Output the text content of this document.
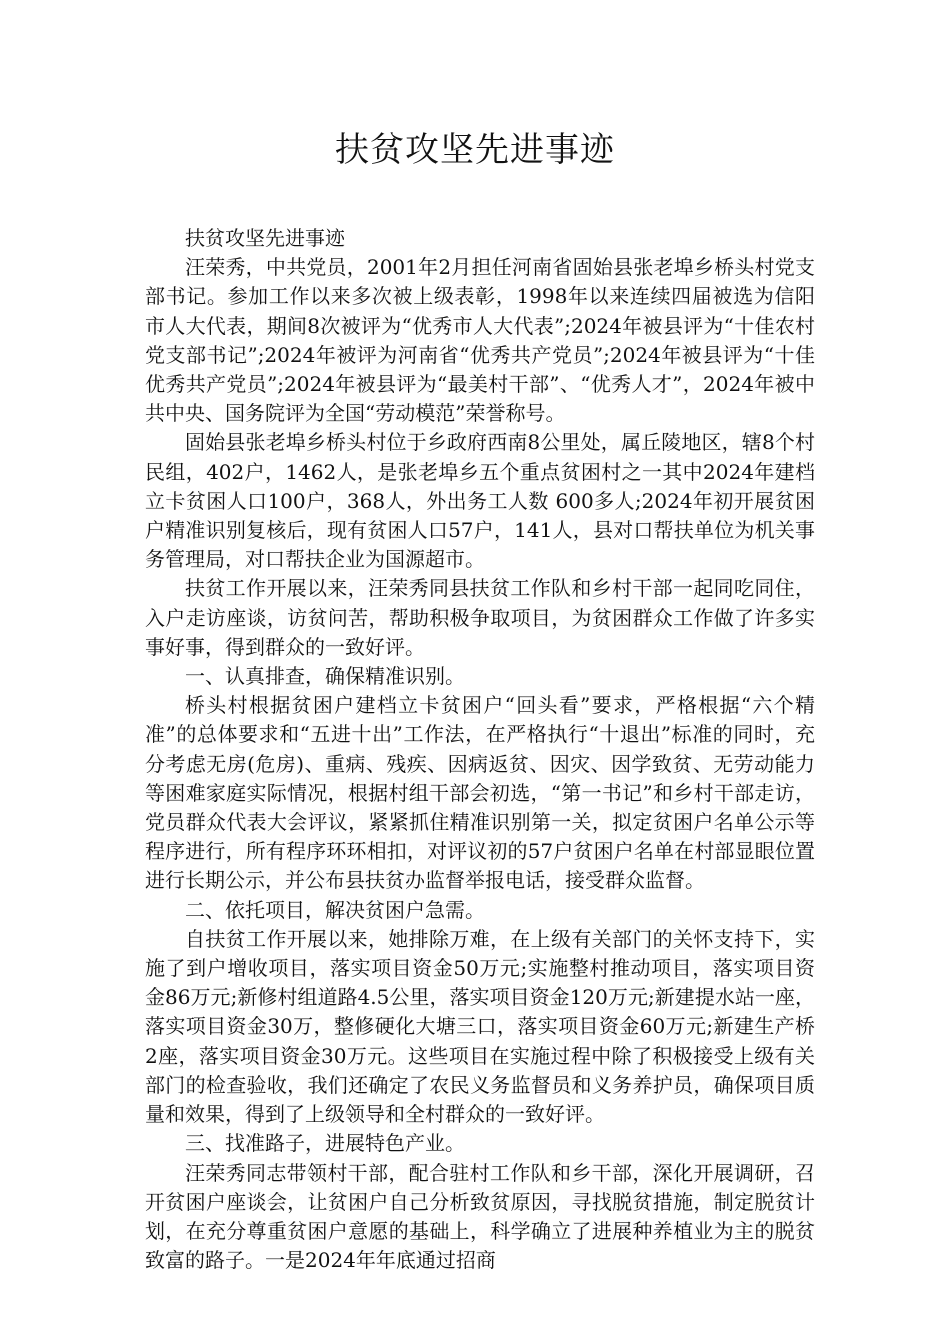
扶贫攻坚先进事迹

扶贫攻坚先进事迹

汪荣秀，中共党员，2001年2月担任河南省固始县张老埠乡桥头村党支部书记。参加工作以来多次被上级表彰，1998年以来连续四届被选为信阳市人大代表，期间8次被评为“优秀市人大代表”;2024年被县评为“十佳农村党支部书记”;2024年被评为河南省“优秀共产党员”;2024年被县评为“十佳优秀共产党员”;2024年被县评为“最美村干部”、“优秀人才”，2024年被中共中央、国务院评为全国“劳动模范”荣誉称号。

固始县张老埠乡桥头村位于乡政府西南8公里处，属丘陵地区，辖8个村民组，402户，1462人，是张老埠乡五个重点贫困村之一其中2024年建档立卡贫困人口100户，368人，外出务工人数 600多人;2024年初开展贫困户精准识别复核后，现有贫困人口57户，141人，县对口帮扶单位为机关事务管理局，对口帮扶企业为国源超市。

扶贫工作开展以来，汪荣秀同县扶贫工作队和乡村干部一起同吃同住，入户走访座谈，访贫问苦，帮助积极争取项目，为贫困群众工作做了许多实事好事，得到群众的一致好评。

一、认真排查，确保精准识别。

桥头村根据贫困户建档立卡贫困户“回头看”要求，严格根据“六个精准”的总体要求和“五进十出”工作法，在严格执行“十退出”标准的同时，充分考虑无房(危房)、重病、残疾、因病返贫、因灾、因学致贫、无劳动能力等困难家庭实际情况，根据村组干部会初选，“第一书记”和乡村干部走访，党员群众代表大会评议，紧紧抓住精准识别第一关，拟定贫困户名单公示等程序进行，所有程序环环相扣，对评议初的57户贫困户名单在村部显眼位置进行长期公示，并公布县扶贫办监督举报电话，接受群众监督。

二、依托项目，解决贫困户急需。

自扶贫工作开展以来，她排除万难，在上级有关部门的关怀支持下，实施了到户增收项目，落实项目资金50万元;实施整村推动项目，落实项目资金86万元;新修村组道路4.5公里，落实项目资金120万元;新建提水站一座，落实项目资金30万，整修硬化大塘三口，落实项目资金60万元;新建生产桥2座，落实项目资金30万元。这些项目在实施过程中除了积极接受上级有关部门的检查验收，我们还确定了农民义务监督员和义务养护员，确保项目质量和效果，得到了上级领导和全村群众的一致好评。

三、找准路子，进展特色产业。

汪荣秀同志带领村干部，配合驻村工作队和乡干部，深化开展调研，召开贫困户座谈会，让贫困户自己分析致贫原因，寻找脱贫措施，制定脱贫计划，在充分尊重贫困户意愿的基础上，科学确立了进展种养植业为主的脱贫致富的路子。一是2024年年底通过招商
